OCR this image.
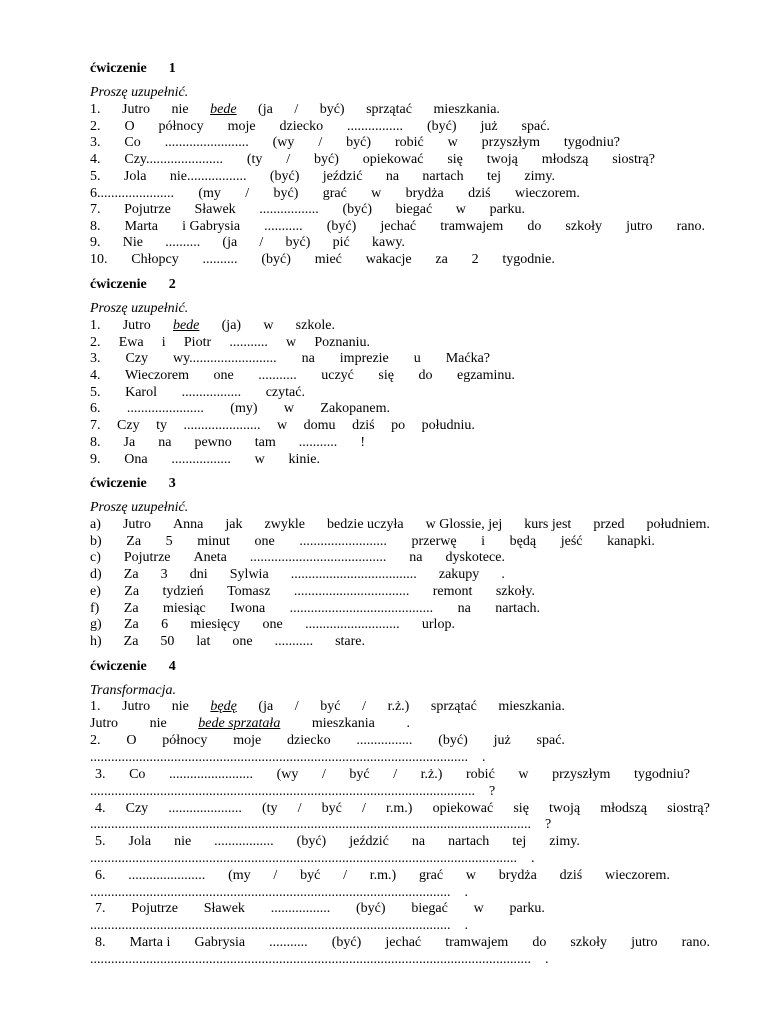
ćwiczenie 1
Proszę uzupełnić.
1. Jutro nie bede (ja / być) sprzątać mieszkania.
2. O północy moje dziecko ................ (być) już spać.
3. Co ........................ (wy / być) robić w przyszłym tygodniu?
4. Czy...................... (ty / być) opiekować się twoją młodszą siostrą?
5. Jola nie................. (być) jeździć na nartach tej zimy.
6...................... (my / być) grać w brydża dziś wieczorem.
7. Pojutrze Sławek ................. (być) biegać w parku.
8. Marta i Gabrysia ........... (być) jechać tramwajem do szkoły jutro rano.
9. Nie .......... (ja / być) pić kawy.
10. Chłopcy .......... (być) mieć wakacje za 2 tygodnie.
ćwiczenie 2
Proszę uzupełnić.
1. Jutro bede (ja) w szkole.
2. Ewa i Piotr ........... w Poznaniu.
3. Czy wy......................... na imprezie u Maćka?
4. Wieczorem one ........... uczyć się do egzaminu.
5. Karol ................. czytać.
6. ...................... (my) w Zakopanem.
7. Czy ty ...................... w domu dziś po południu.
8. Ja na pewno tam ........... !
9. Ona ................. w kinie.
ćwiczenie 3
Proszę uzupełnić.
a) Jutro Anna jak zwykle bedzie uczyła w Glossie, jej kurs jest przed południem.
b) Za 5 minut one ......................... przerwę i będą jeść kanapki.
c) Pojutrze Aneta ....................................... na dyskotece.
d) Za 3 dni Sylwia .................................... zakupy .
e) Za tydzień Tomasz ................................. remont szkoły.
f) Za miesiąc Iwona ......................................... na nartach.
g) Za 6 miesięcy one ........................... urlop.
h) Za 50 lat one ........... stare.
ćwiczenie 4
Transformacja.
1. Jutro nie będę (ja / być / r.ż.) sprzątać mieszkania.
Jutro nie bede sprzatała mieszkania .
2. O północy moje dziecko ................ (być) już spać.
............................................................................................................ .
3. Co ........................ (wy / być / r.ż.) robić w przyszłym tygodniu?
.............................................................................................................. ?
4. Czy ..................... (ty / być / r.m.) opiekować się twoją młodszą siostrą?
.............................................................................................................................. ?
5. Jola nie ................. (być) jeździć na nartach tej zimy.
.......................................................................................................................... .
6. ...................... (my / być / r.m.) grać w brydża dziś wieczorem.
....................................................................................................... .
7. Pojutrze Sławek ................. (być) biegać w parku.
....................................................................................................... .
8. Marta i Gabrysia ........... (być) jechać tramwajem do szkoły jutro rano.
.............................................................................................................................. .
